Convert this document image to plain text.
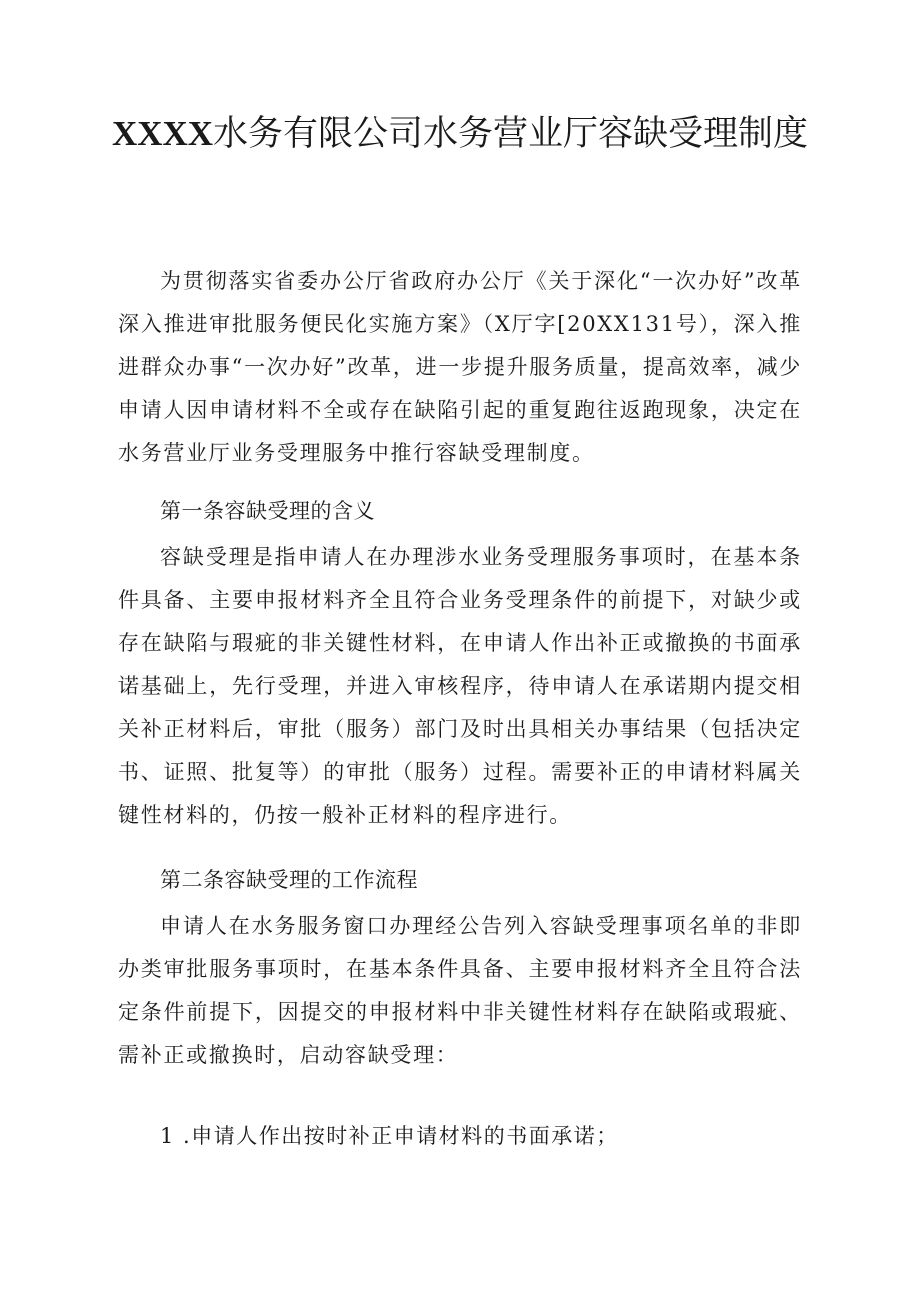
XXXX水务有限公司水务营业厅容缺受理制度

为贯彻落实省委办公厅省政府办公厅《关于深化“一次办好”改革深入推进审批服务便民化实施方案》（X厅字[20XX131号），深入推进群众办事“一次办好”改革，进一步提升服务质量，提高效率，减少申请人因申请材料不全或存在缺陷引起的重复跑往返跑现象，决定在水务营业厅业务受理服务中推行容缺受理制度。

第一条容缺受理的含义

容缺受理是指申请人在办理涉水业务受理服务事项时，在基本条件具备、主要申报材料齐全且符合业务受理条件的前提下，对缺少或存在缺陷与瑕疵的非关键性材料，在申请人作出补正或撤换的书面承诺基础上，先行受理，并进入审核程序，待申请人在承诺期内提交相关补正材料后，审批（服务）部门及时出具相关办事结果（包括决定书、证照、批复等）的审批（服务）过程。需要补正的申请材料属关键性材料的，仍按一般补正材料的程序进行。

第二条容缺受理的工作流程

申请人在水务服务窗口办理经公告列入容缺受理事项名单的非即办类审批服务事项时，在基本条件具备、主要申报材料齐全且符合法定条件前提下，因提交的申报材料中非关键性材料存在缺陷或瑕疵、需补正或撤换时，启动容缺受理：

1 .申请人作出按时补正申请材料的书面承诺；
